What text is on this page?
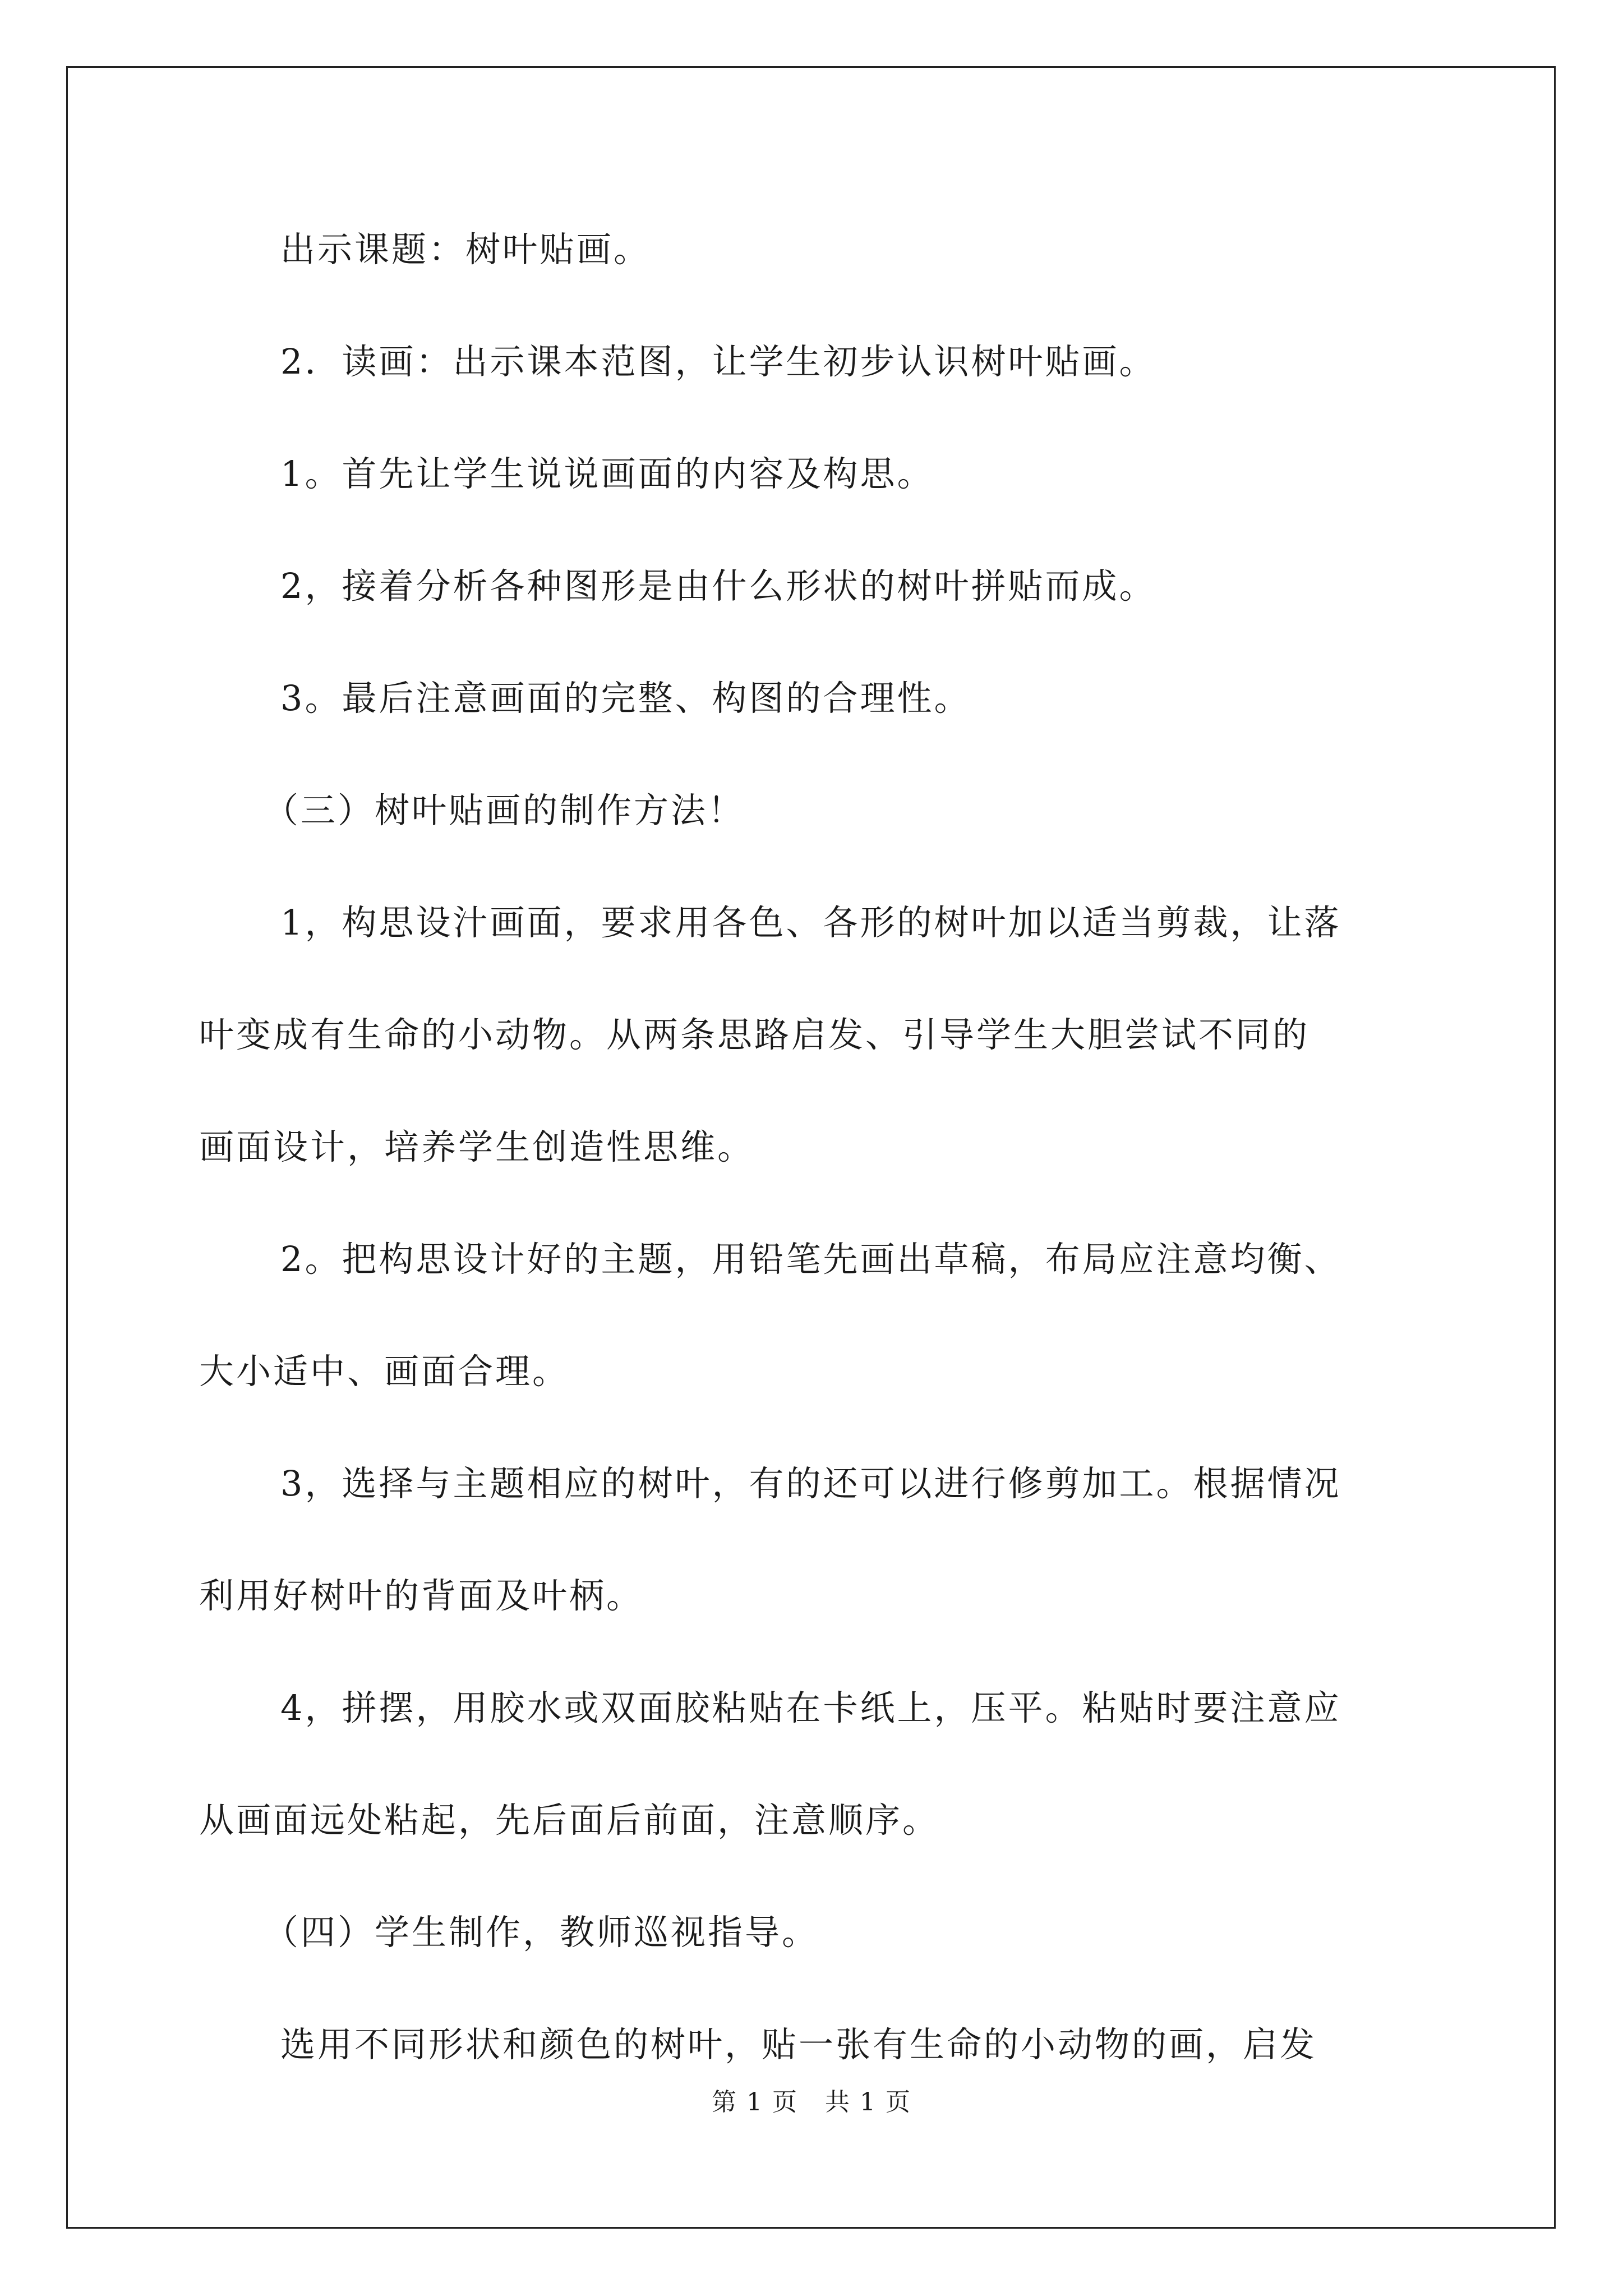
出示课题：树叶贴画。

2．读画：出示课本范图，让学生初步认识树叶贴画。

1。首先让学生说说画面的内容及构思。

2，接着分析各种图形是由什么形状的树叶拼贴而成。

3。最后注意画面的完整、构图的合理性。

（三）树叶贴画的制作方法！

1，构思设汁画面，要求用各色、各形的树叶加以适当剪裁，让落

叶变成有生命的小动物。从两条思路启发、引导学生大胆尝试不同的

画面设计，培养学生创造性思维。

2。把构思设计好的主题，用铅笔先画出草稿，布局应注意均衡、

大小适中、画面合理。

3，选择与主题相应的树叶，有的还可以进行修剪加工。根据情况

利用好树叶的背面及叶柄。

4，拼摆，用胶水或双面胶粘贴在卡纸上，压平。粘贴时要注意应

从画面远处粘起，先后面后前面，注意顺序。

（四）学生制作，教师巡视指导。

选用不同形状和颜色的树叶，贴一张有生命的小动物的画，启发

第 1 页   共 1 页
